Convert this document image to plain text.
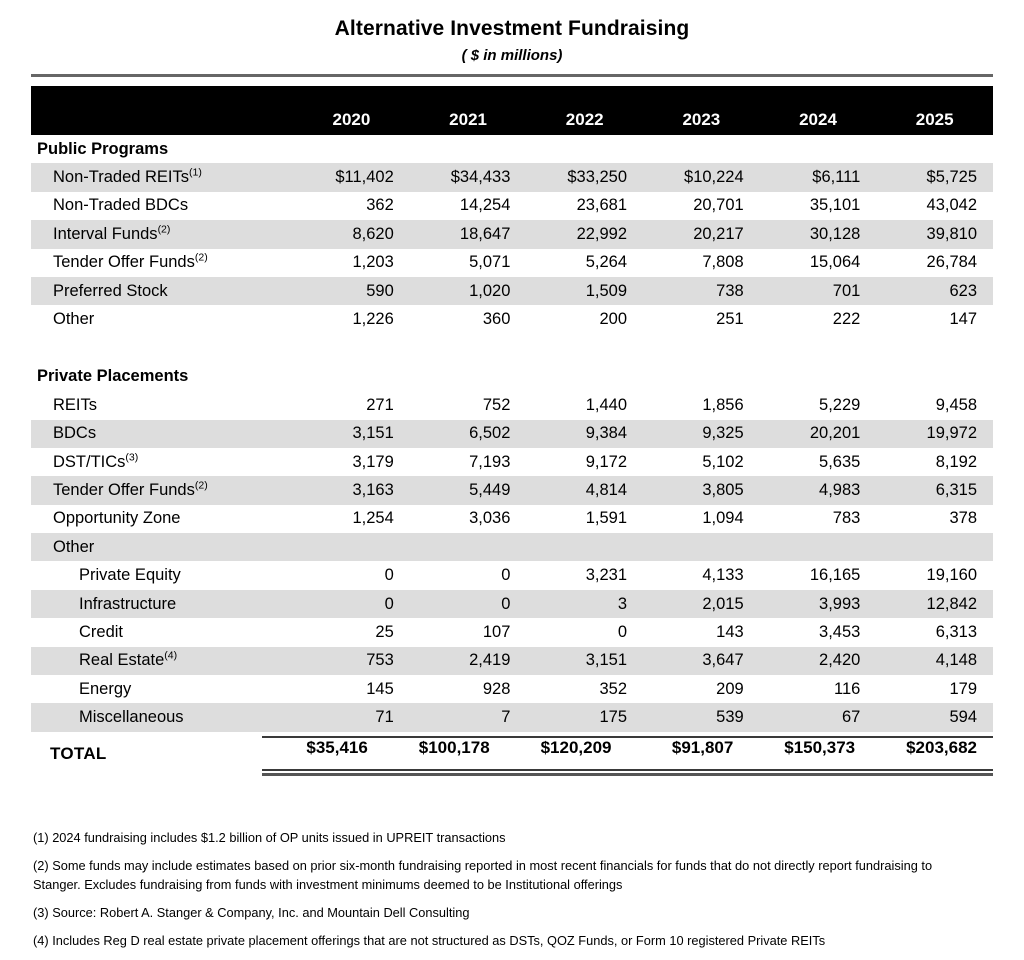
Alternative Investment Fundraising
( $ in millions)
	2020	2021	2022	2023	2024	2025
Public Programs						
Non-Traded REITs$^{(1)}$	$11,402	$34,433	$33,250	$10,224	$6,111	$5,725
Non-Traded BDCs	362	14,254	23,681	20,701	35,101	43,042
Interval Funds$^{(2)}$	8,620	18,647	22,992	20,217	30,128	39,810
Tender Offer Funds$^{(2)}$	1,203	5,071	5,264	7,808	15,064	26,784
Preferred Stock	590	1,020	1,509	738	701	623
Other	1,226	360	200	251	222	147

Private Placements						
REITs	271	752	1,440	1,856	5,229	9,458
BDCs	3,151	6,502	9,384	9,325	20,201	19,972
DST/TICs$^{(3)}$	3,179	7,193	9,172	5,102	5,635	8,192
Tender Offer Funds$^{(2)}$	3,163	5,449	4,814	3,805	4,983	6,315
Opportunity Zone	1,254	3,036	1,591	1,094	783	378
Other						
Private Equity	0	0	3,231	4,133	16,165	19,160
Infrastructure	0	0	3	2,015	3,993	12,842
Credit	25	107	0	143	3,453	6,313
Real Estate$^{(4)}$	753	2,419	3,151	3,647	2,420	4,148
Energy	145	928	352	209	116	179
Miscellaneous	71	7	175	539	67	594
TOTAL	$35,416	$100,178	$120,209	$91,807	$150,373	$203,682
(1) 2024 fundraising includes $1.2 billion of OP units issued in UPREIT transactions
(2) Some funds may include estimates based on prior six-month fundraising reported in most recent financials for funds that do not directly report fundraising to Stanger. Excludes fundraising from funds with investment minimums deemed to be Institutional offerings
(3) Source: Robert A. Stanger & Company, Inc. and Mountain Dell Consulting
(4) Includes Reg D real estate private placement offerings that are not structured as DSTs, QOZ Funds, or Form 10 registered Private REITs
